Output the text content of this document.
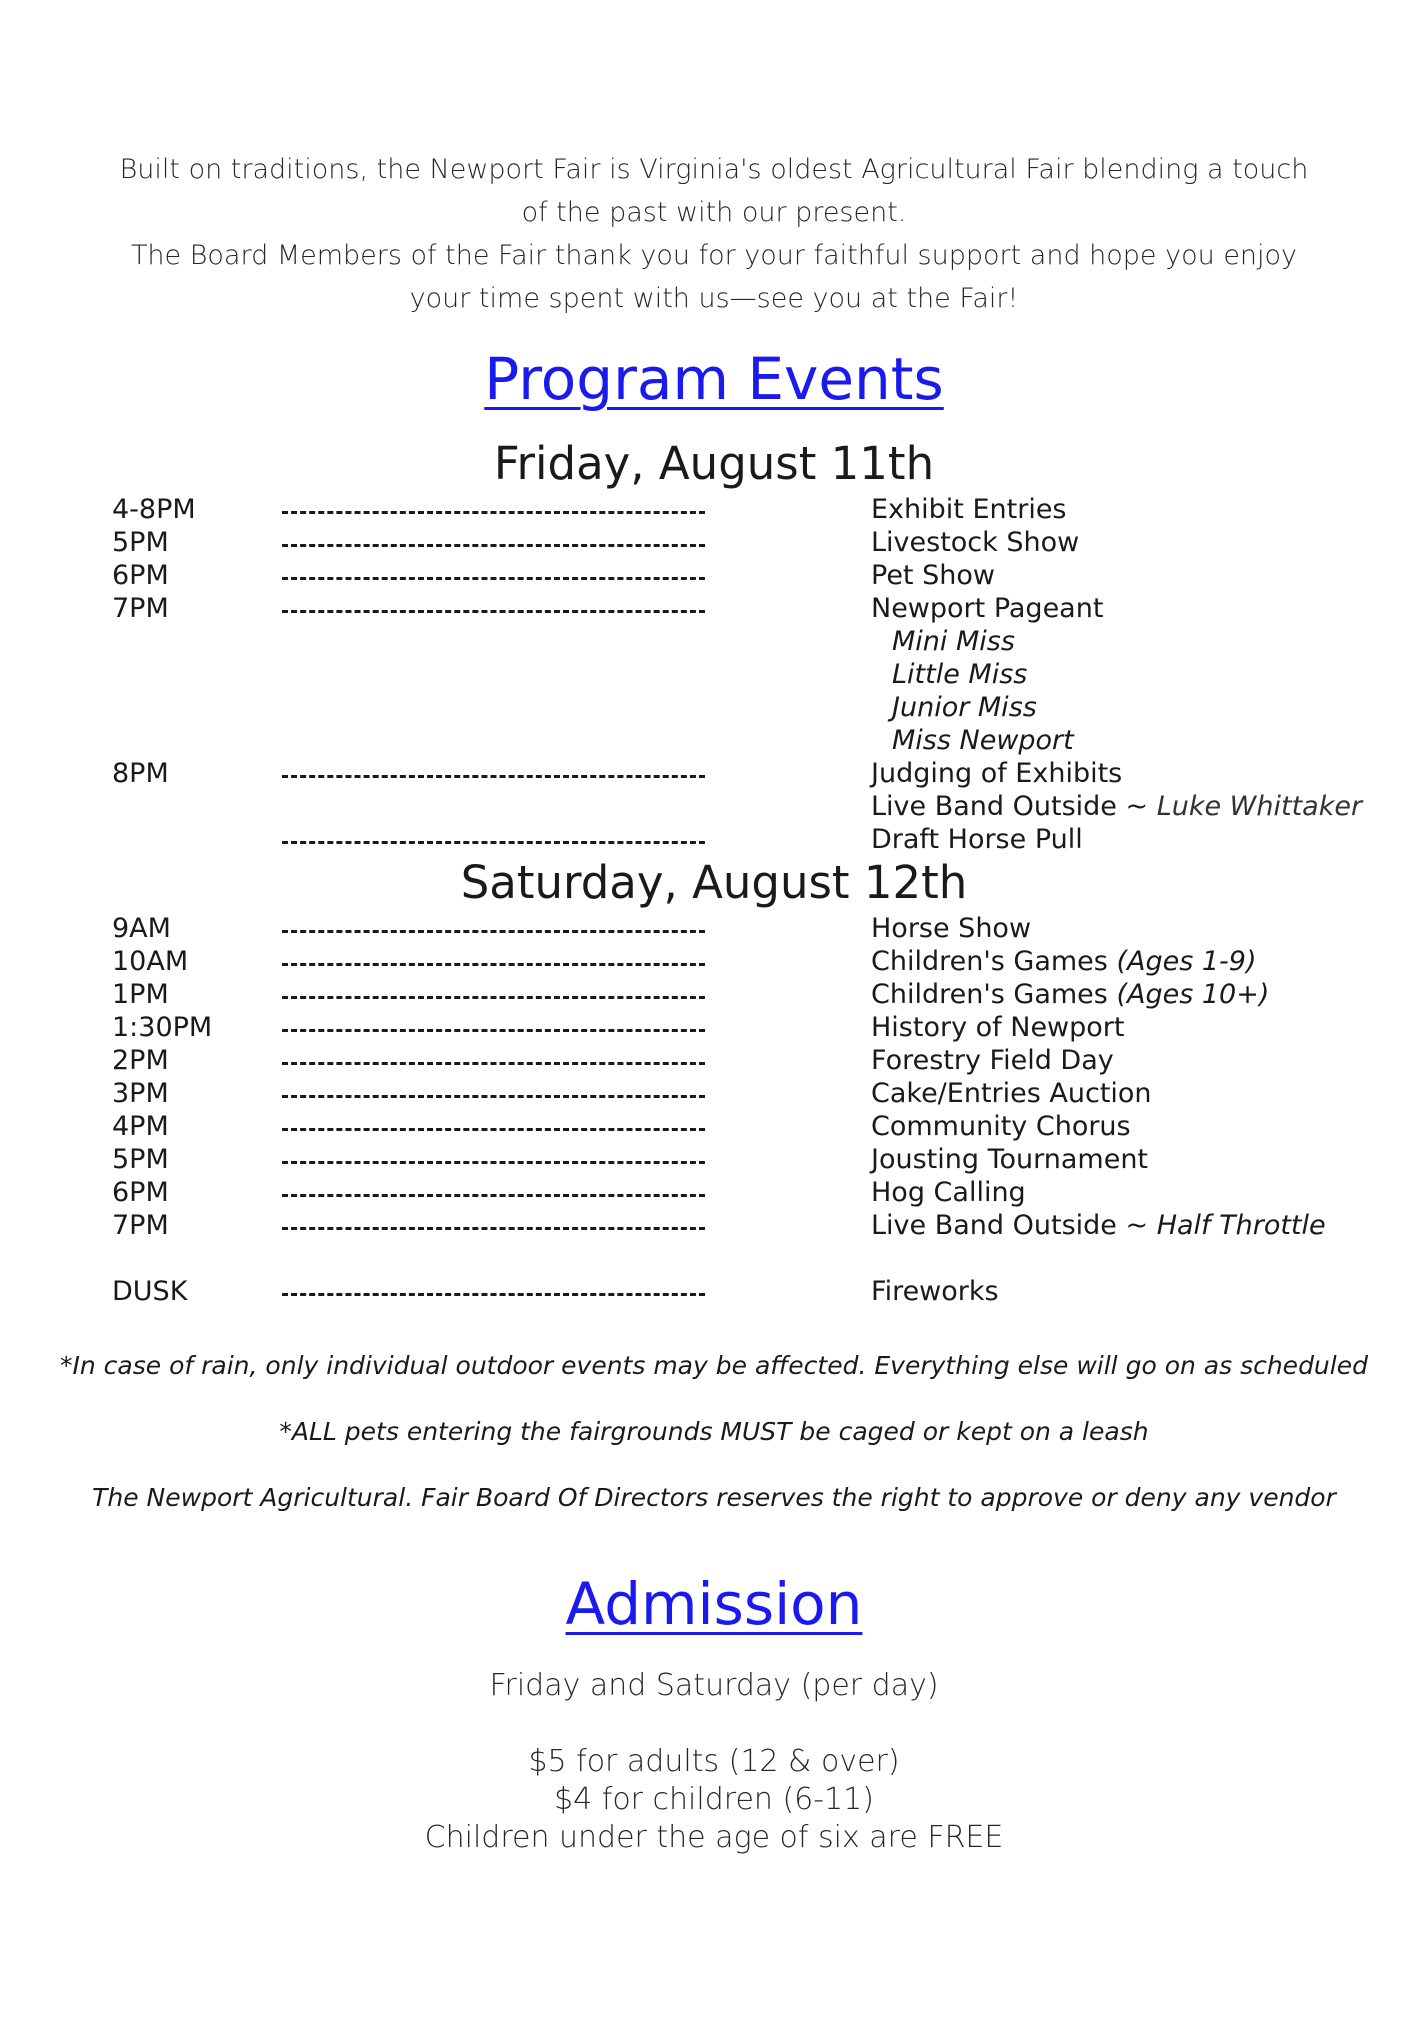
Built on traditions, the Newport Fair is Virginia's oldest Agricultural Fair blending a touch

of the past with our present.

The Board Members of the Fair thank you for your faithful support and hope you enjoy

your time spent with us—see you at the Fair!

Program Events
Friday, August 11th
4-8PM	Exhibit Entries
5PM	Livestock Show
6PM	Pet Show
7PM	Newport Pageant
Mini Miss
Little Miss
Junior Miss
Miss Newport
8PM	Judging of Exhibits
Live Band Outside ~ Luke Whittaker
Draft Horse Pull
Saturday, August 12th
9AM	Horse Show
10AM	Children's Games (Ages 1-9)
1PM	Children's Games (Ages 10+)
1:30PM	History of Newport
2PM	Forestry Field Day
3PM	Cake/Entries Auction
4PM	Community Chorus
5PM	Jousting Tournament
6PM	Hog Calling
7PM	Live Band Outside ~ Half Throttle
DUSK	Fireworks
*In case of rain, only individual outdoor events may be affected. Everything else will go on as scheduled
*ALL pets entering the fairgrounds MUST be caged or kept on a leash
The Newport Agricultural. Fair Board Of Directors reserves the right to approve or deny any vendor
Admission
Friday and Saturday (per day)
$5 for adults (12 & over)
$4 for children (6-11)
Children under the age of six are FREE
